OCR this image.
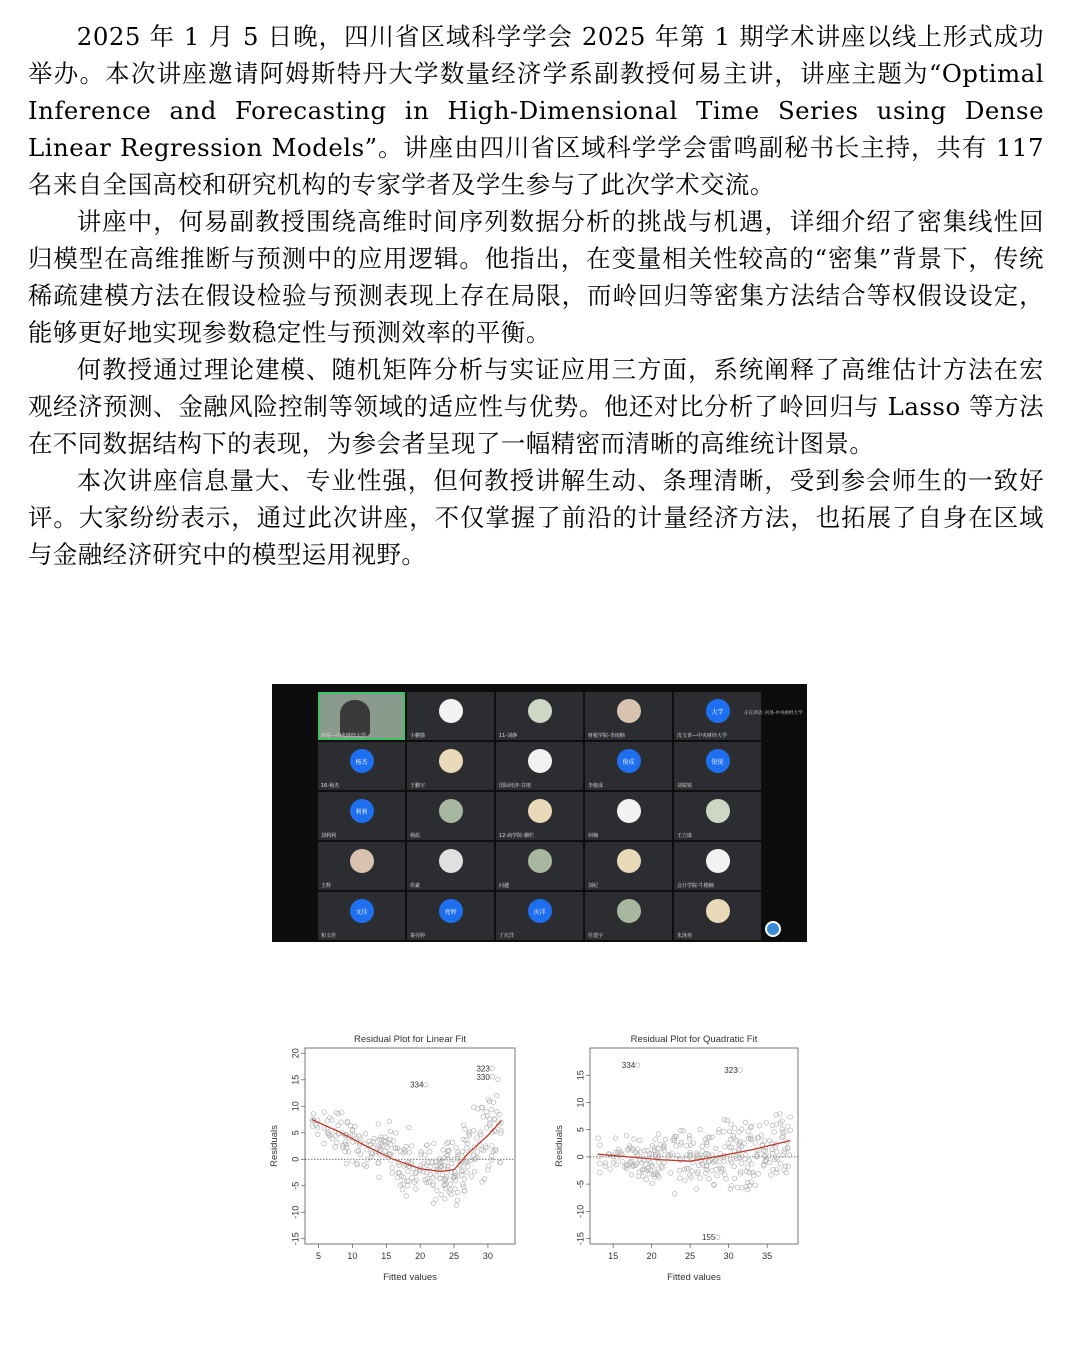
2025 年 1 月 5 日晚，四川省区域科学学会 2025 年第 1 期学术讲座以线上形式成功举办。本次讲座邀请阿姆斯特丹大学数量经济学系副教授何易主讲，讲座主题为“Optimal Inference and Forecasting in High-Dimensional Time Series using Dense Linear Regression Models”。讲座由四川省区域科学学会雷鸣副秘书长主持，共有 117 名来自全国高校和研究机构的专家学者及学生参与了此次学术交流。

讲座中，何易副教授围绕高维时间序列数据分析的挑战与机遇，详细介绍了密集线性回归模型在高维推断与预测中的应用逻辑。他指出，在变量相关性较高的“密集”背景下，传统稀疏建模方法在假设检验与预测表现上存在局限，而岭回归等密集方法结合等权假设设定，能够更好地实现参数稳定性与预测效率的平衡。

何教授通过理论建模、随机矩阵分析与实证应用三方面，系统阐释了高维估计方法在宏观经济预测、金融风险控制等领域的适应性与优势。他还对比分析了岭回归与 Lasso 等方法在不同数据结构下的表现，为参会者呈现了一幅精密而清晰的高维统计图景。

本次讲座信息量大、专业性强，但何教授讲解生动、条理清晰，受到参会师生的一致好评。大家纷纷表示，通过此次讲座，不仅掌握了前沿的计量经济方法，也拓展了自身在区域与金融经济研究中的模型运用视野。

何易—中央财经大学	小鹏猫	11-刘静	财税学院-李雨楠
大学
沈文青—中央财经大学
杨杰
16-杨杰	王鹏宇	国际经济-甘雨
俊成
李俊成
锐锐
刘锐锐
利利
刘利利	杨彪	12-商学院-栅栏	何楠	王立康
王辉	伏豪	问越	刘纪	会计学院-牛楷楠
文佳
和文佳
亮婷
秦亮婷
庆洋
丁庆洋	任建宇	朱泳奕
正在讲话: 何易-中央财经大学
Residual Plot for Linear Fit
5	10	15	20	25	30
-15
-10
-5
0
5
10
15
20
Fitted values
Residuals
334
323
330
Residual Plot for Quadratic Fit
15	20	25	30	35
-15
-10
-5
0
5
10
15
Fitted values
Residuals
334
323
155
